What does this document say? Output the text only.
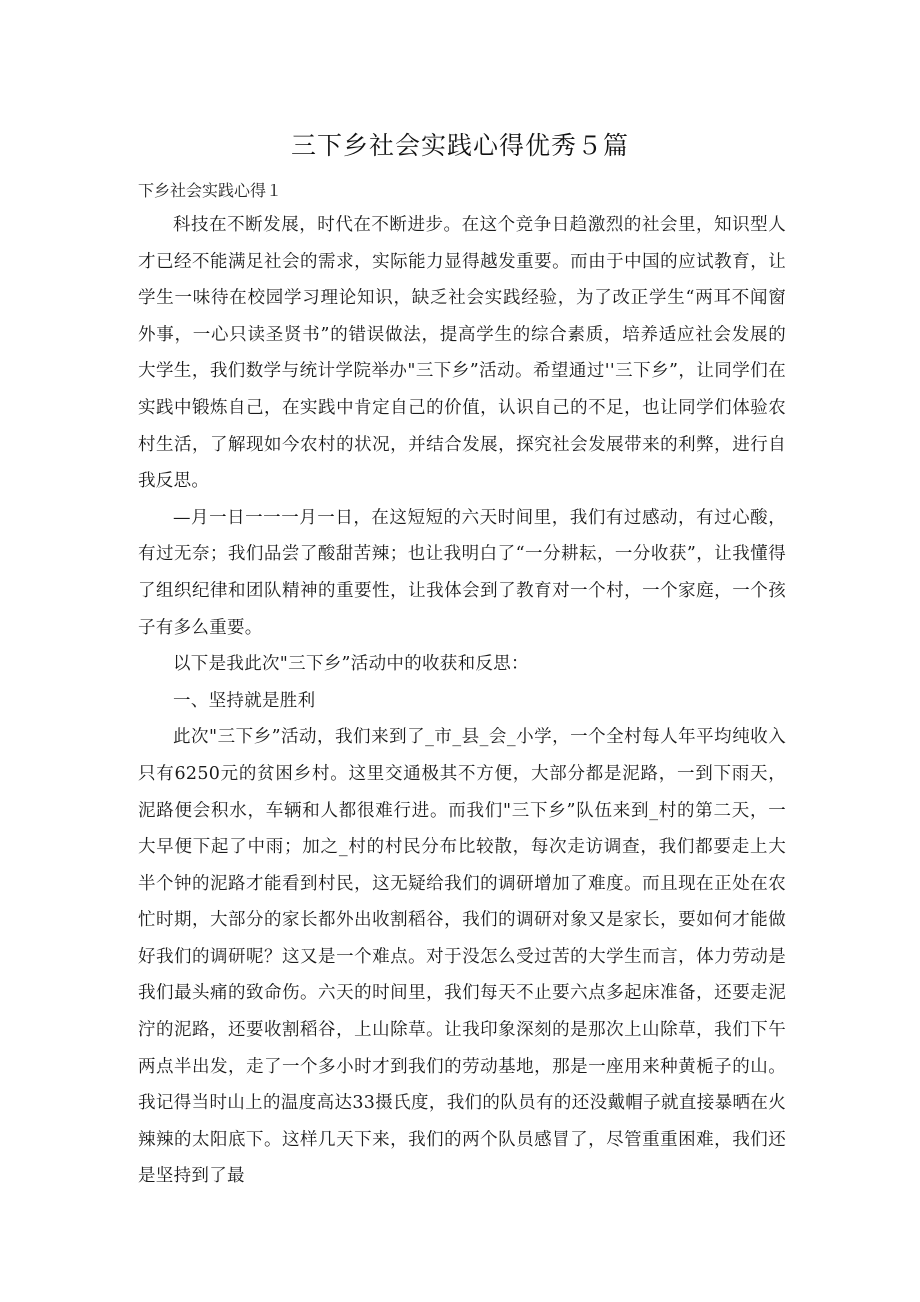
三下乡社会实践心得优秀５篇

下乡社会实践心得１

科技在不断发展，时代在不断进步。在这个竞争日趋激烈的社会里，知识型人才已经不能满足社会的需求，实际能力显得越发重要。而由于中国的应试教育，让学生一味待在校园学习理论知识，缺乏社会实践经验，为了改正学生“两耳不闻窗外事，一心只读圣贤书”的错误做法，提高学生的综合素质，培养适应社会发展的大学生，我们数学与统计学院举办"三下乡”活动。希望通过''三下乡”，让同学们在实践中锻炼自己，在实践中肯定自己的价值，认识自己的不足，也让同学们体验农村生活，了解现如今农村的状况，并结合发展，探究社会发展带来的利弊，进行自我反思。

—月一日一一一月一日，在这短短的六天时间里，我们有过感动，有过心酸，有过无奈；我们品尝了酸甜苦辣；也让我明白了“一分耕耘，一分收获”，让我懂得了组织纪律和团队精神的重要性，让我体会到了教育对一个村，一个家庭，一个孩子有多么重要。

以下是我此次"三下乡”活动中的收获和反思：

一、坚持就是胜利

此次"三下乡”活动，我们来到了_市_县_会_小学，一个全村每人年平均纯收入只有6250元的贫困乡村。这里交通极其不方便，大部分都是泥路，一到下雨天，泥路便会积水，车辆和人都很难行进。而我们"三下乡”队伍来到_村的第二天，一大早便下起了中雨；加之_村的村民分布比较散，每次走访调查，我们都要走上大半个钟的泥路才能看到村民，这无疑给我们的调研增加了难度。而且现在正处在农忙时期，大部分的家长都外出收割稻谷，我们的调研对象又是家长，要如何才能做好我们的调研呢？这又是一个难点。对于没怎么受过苦的大学生而言，体力劳动是我们最头痛的致命伤。六天的时间里，我们每天不止要六点多起床准备，还要走泥泞的泥路，还要收割稻谷，上山除草。让我印象深刻的是那次上山除草，我们下午两点半出发，走了一个多小时才到我们的劳动基地，那是一座用来种黄栀子的山。我记得当时山上的温度高达33摄氏度，我们的队员有的还没戴帽子就直接暴晒在火辣辣的太阳底下。这样几天下来，我们的两个队员感冒了，尽管重重困难，我们还是坚持到了最
